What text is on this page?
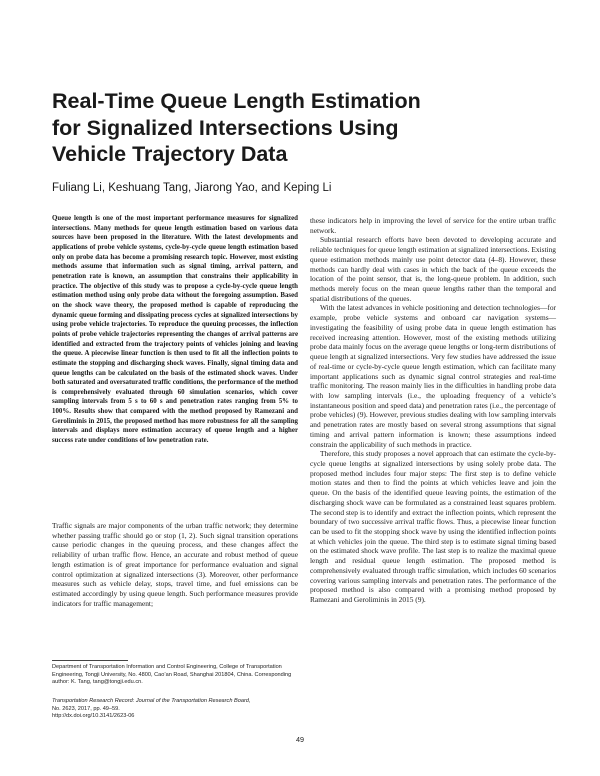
Real-Time Queue Length Estimation
for Signalized Intersections Using
Vehicle Trajectory Data

Fuliang Li, Keshuang Tang, Jiarong Yao, and Keping Li

Queue length is one of the most important performance measures for signalized intersections. Many methods for queue length estimation based on various data sources have been proposed in the literature. With the latest developments and applications of probe vehicle systems, cycle-by-cycle queue length estimation based only on probe data has become a promising research topic. However, most existing methods assume that information such as signal timing, arrival pattern, and penetration rate is known, an assumption that constrains their applicability in practice. The objective of this study was to propose a cycle-by-cycle queue length estimation method using only probe data without the foregoing assumption. Based on the shock wave theory, the proposed method is capable of reproducing the dynamic queue forming and dissipating process cycles at signalized intersections by using probe vehicle trajectories. To reproduce the queuing processes, the inflection points of probe vehicle trajectories representing the changes of arrival patterns are identified and extracted from the trajectory points of vehicles joining and leaving the queue. A piecewise linear function is then used to fit all the inflection points to estimate the stopping and discharging shock waves. Finally, signal timing data and queue lengths can be calculated on the basis of the estimated shock waves. Under both saturated and oversaturated traffic conditions, the performance of the method is comprehensively evaluated through 60 simulation scenarios, which cover sampling intervals from 5 s to 60 s and penetration rates ranging from 5% to 100%. Results show that compared with the method proposed by Ramezani and Geroliminis in 2015, the proposed method has more robustness for all the sampling intervals and displays more estimation accuracy of queue length and a higher success rate under conditions of low penetration rate.

Traffic signals are major components of the urban traffic network; they determine whether passing traffic should go or stop (1, 2). Such signal transition operations cause periodic changes in the queuing process, and these changes affect the reliability of urban traffic flow. Hence, an accurate and robust method of queue length estimation is of great importance for performance evaluation and signal control optimization at signalized intersections (3). Moreover, other performance measures such as vehicle delay, stops, travel time, and fuel emissions can be estimated accordingly by using queue length. Such performance measures provide indicators for traffic management;

Department of Transportation Information and Control Engineering, College of Transportation Engineering, Tongji University, No. 4800, Cao’an Road, Shanghai 201804, China. Corresponding author: K. Tang, tang@tongji.edu.cn.
Transportation Research Record: Journal of the Transportation Research Board,
No. 2623, 2017, pp. 49–59.
http://dx.doi.org/10.3141/2623-06

these indicators help in improving the level of service for the entire urban traffic network.

Substantial research efforts have been devoted to developing accurate and reliable techniques for queue length estimation at signalized intersections. Existing queue estimation methods mainly use point detector data (4–8). However, these methods can hardly deal with cases in which the back of the queue exceeds the location of the point sensor, that is, the long-queue problem. In addition, such methods merely focus on the mean queue lengths rather than the temporal and spatial distributions of the queues.

With the latest advances in vehicle positioning and detection technologies—for example, probe vehicle systems and onboard car navigation systems—investigating the feasibility of using probe data in queue length estimation has received increasing attention. However, most of the existing methods utilizing probe data mainly focus on the average queue lengths or long-term distributions of queue length at signalized intersections. Very few studies have addressed the issue of real-time or cycle-by-cycle queue length estimation, which can facilitate many important applications such as dynamic signal control strategies and real-time traffic monitoring. The reason mainly lies in the difficulties in handling probe data with low sampling intervals (i.e., the uploading frequency of a vehicle’s instantaneous position and speed data) and penetration rates (i.e., the percentage of probe vehicles) (9). However, previous studies dealing with low sampling intervals and penetration rates are mostly based on several strong assumptions that signal timing and arrival pattern information is known; these assumptions indeed constrain the applicability of such methods in practice.

Therefore, this study proposes a novel approach that can estimate the cycle-by-cycle queue lengths at signalized intersections by using solely probe data. The proposed method includes four major steps: The first step is to define vehicle motion states and then to find the points at which vehicles leave and join the queue. On the basis of the identified queue leaving points, the estimation of the discharging shock wave can be formulated as a constrained least squares problem. The second step is to identify and extract the inflection points, which represent the boundary of two successive arrival traffic flows. Thus, a piecewise linear function can be used to fit the stopping shock wave by using the identified inflection points at which vehicles join the queue. The third step is to estimate signal timing based on the estimated shock wave profile. The last step is to realize the maximal queue length and residual queue length estimation. The proposed method is comprehensively evaluated through traffic simulation, which includes 60 scenarios covering various sampling intervals and penetration rates. The performance of the proposed method is also compared with a promising method proposed by Ramezani and Geroliminis in 2015 (9).

49
